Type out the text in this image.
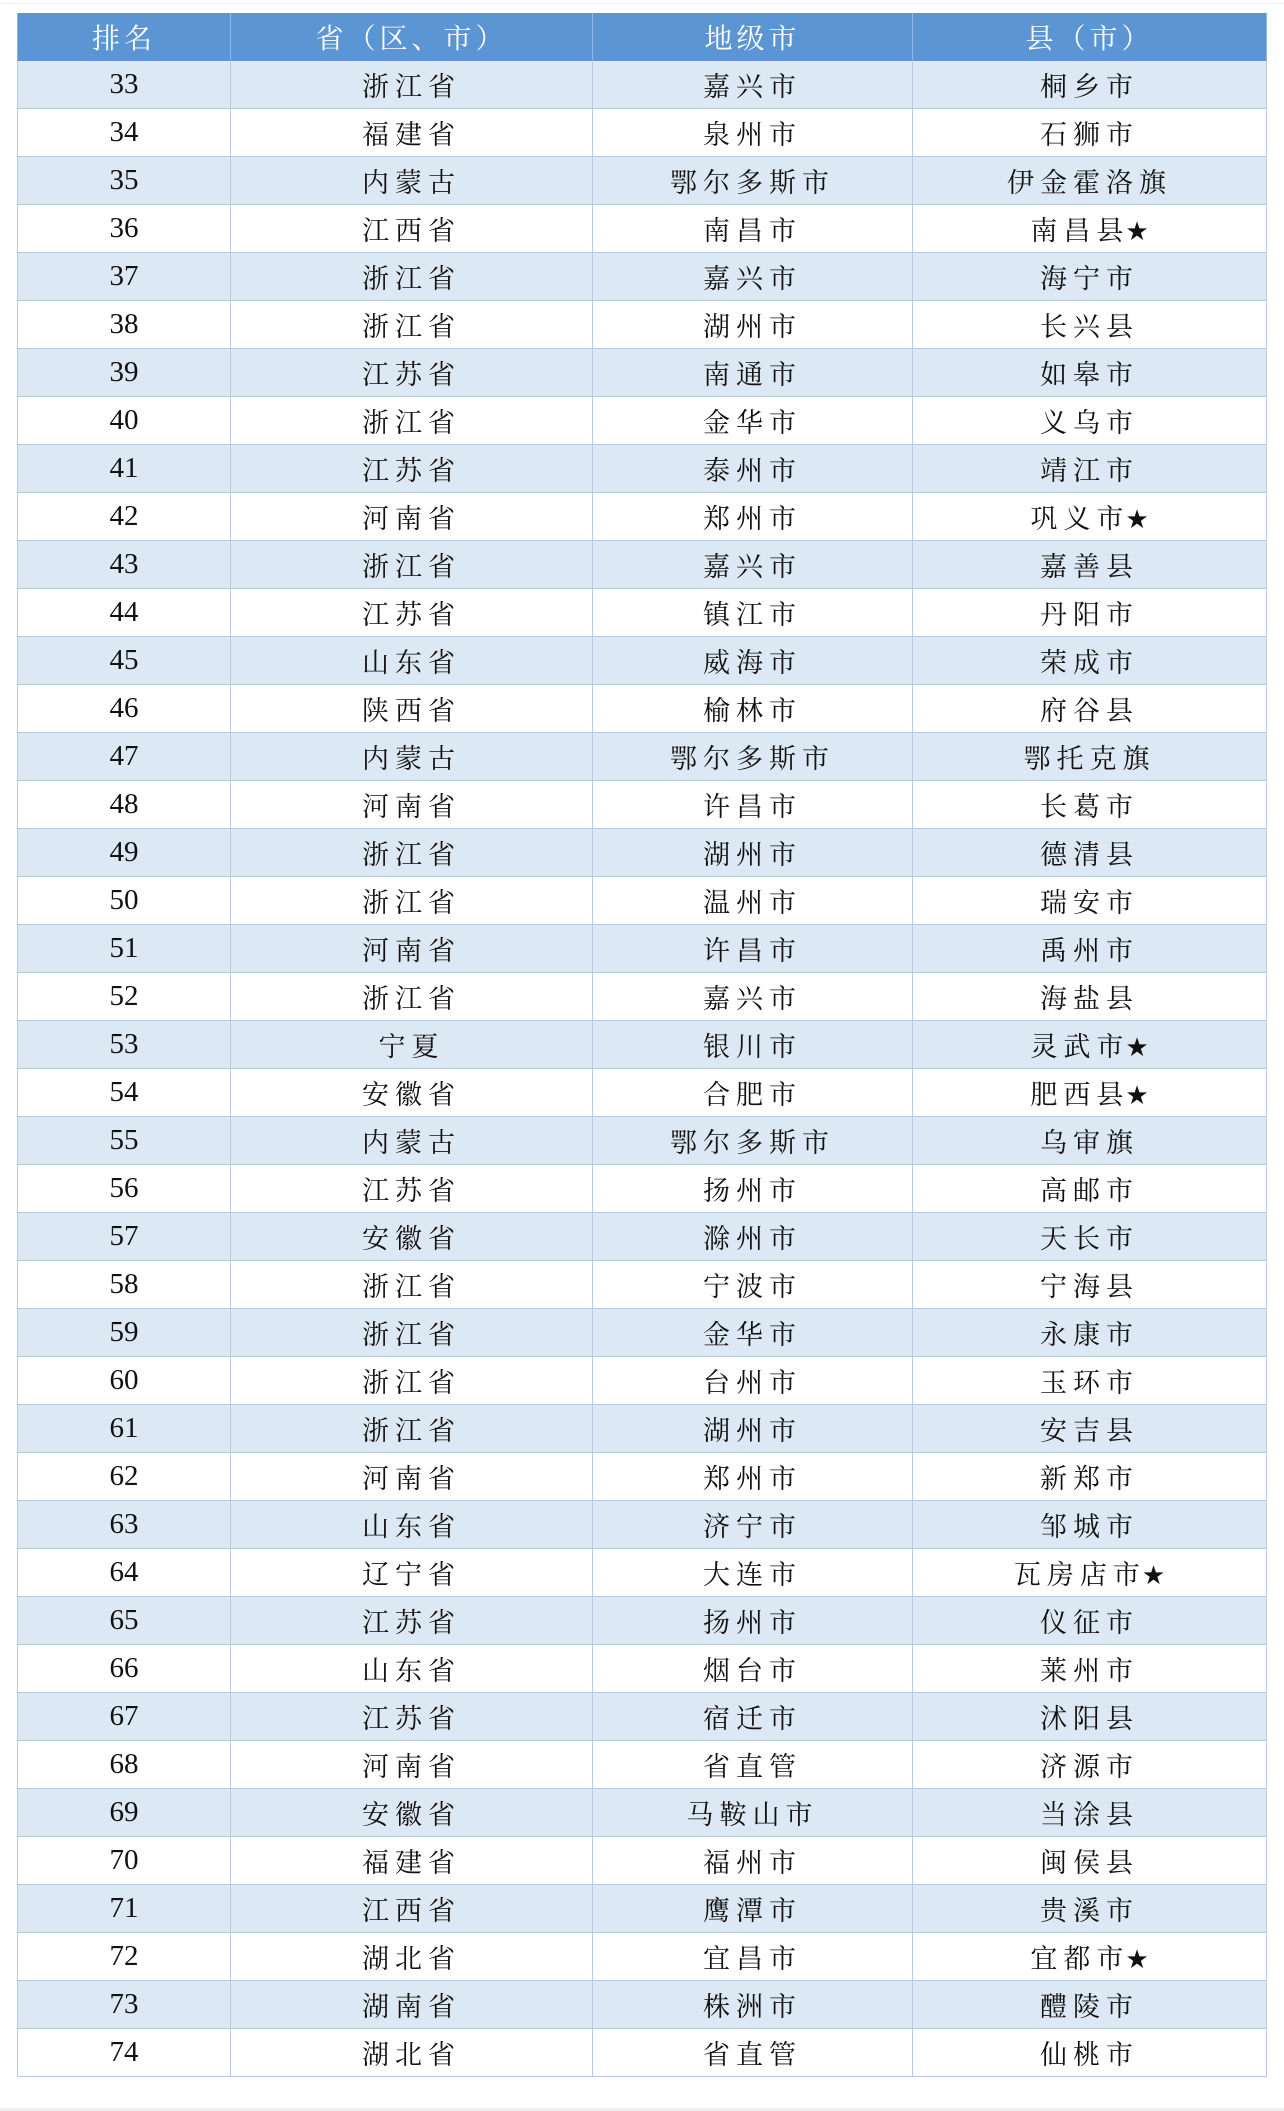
排名	省（区、市）	地级市	县（市）
33	浙江省	嘉兴市	桐乡市
34	福建省	泉州市	石狮市
35	内蒙古	鄂尔多斯市	伊金霍洛旗
36	江西省	南昌市	南昌县★
37	浙江省	嘉兴市	海宁市
38	浙江省	湖州市	长兴县
39	江苏省	南通市	如皋市
40	浙江省	金华市	义乌市
41	江苏省	泰州市	靖江市
42	河南省	郑州市	巩义市★
43	浙江省	嘉兴市	嘉善县
44	江苏省	镇江市	丹阳市
45	山东省	威海市	荣成市
46	陕西省	榆林市	府谷县
47	内蒙古	鄂尔多斯市	鄂托克旗
48	河南省	许昌市	长葛市
49	浙江省	湖州市	德清县
50	浙江省	温州市	瑞安市
51	河南省	许昌市	禹州市
52	浙江省	嘉兴市	海盐县
53	宁夏	银川市	灵武市★
54	安徽省	合肥市	肥西县★
55	内蒙古	鄂尔多斯市	乌审旗
56	江苏省	扬州市	高邮市
57	安徽省	滁州市	天长市
58	浙江省	宁波市	宁海县
59	浙江省	金华市	永康市
60	浙江省	台州市	玉环市
61	浙江省	湖州市	安吉县
62	河南省	郑州市	新郑市
63	山东省	济宁市	邹城市
64	辽宁省	大连市	瓦房店市★
65	江苏省	扬州市	仪征市
66	山东省	烟台市	莱州市
67	江苏省	宿迁市	沭阳县
68	河南省	省直管	济源市
69	安徽省	马鞍山市	当涂县
70	福建省	福州市	闽侯县
71	江西省	鹰潭市	贵溪市
72	湖北省	宜昌市	宜都市★
73	湖南省	株洲市	醴陵市
74	湖北省	省直管	仙桃市
